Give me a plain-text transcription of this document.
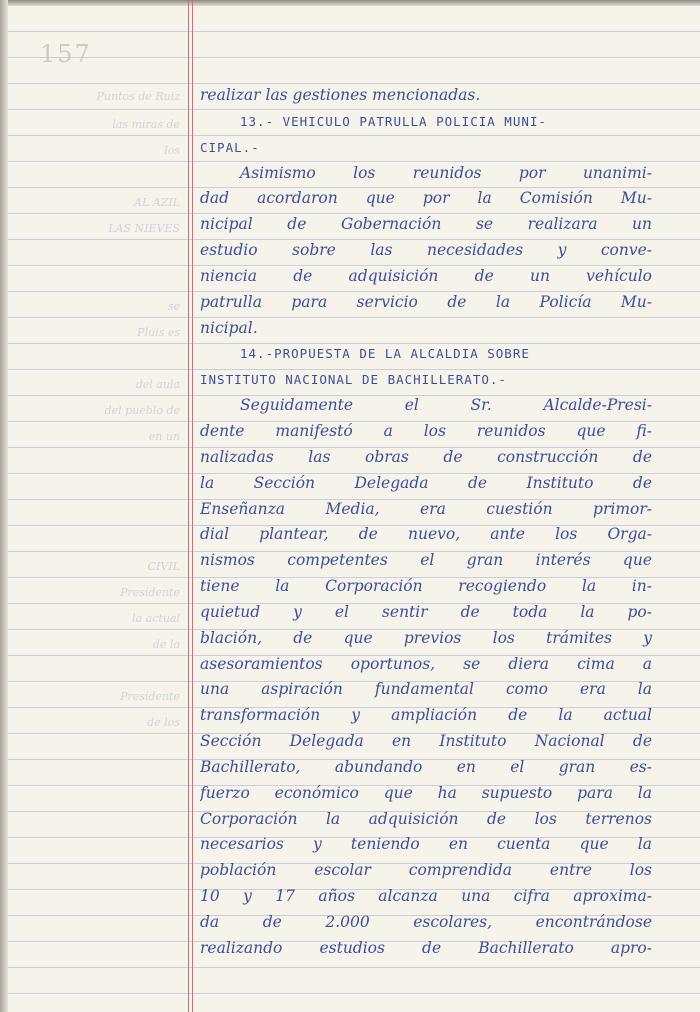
157
Puntos de Ruiz
las miras de
los
AL AZIL
LAS NIEVES
se
Pluis es
del aula
del pueblo de
en un
CIVIL
Presidente
la actual
de la
Presidente
de los
realizar las gestiones mencionadas.
13.- VEHICULO PATRULLA POLICIA MUNI-
CIPAL.-
Asimismo los reunidos por unanimi-
dad acordaron que por la Comisión Mu-
nicipal de Gobernación se realizara un
estudio sobre las necesidades y conve-
niencia de adquisición de un vehículo
patrulla para servicio de la Policía Mu-
nicipal.
14.-PROPUESTA DE LA ALCALDIA SOBRE
INSTITUTO NACIONAL DE BACHILLERATO.-
Seguidamente el Sr. Alcalde-Presi-
dente manifestó a los reunidos que fi-
nalizadas las obras de construcción de
la Sección Delegada de Instituto de
Enseñanza Media, era cuestión primor-
dial plantear, de nuevo, ante los Orga-
nismos competentes el gran interés que
tiene la Corporación recogiendo la in-
quietud y el sentir de toda la po-
blación, de que previos los trámites y
asesoramientos oportunos, se diera cima a
una aspiración fundamental como era la
transformación y ampliación de la actual
Sección Delegada en Instituto Nacional de
Bachillerato, abundando en el gran es-
fuerzo económico que ha supuesto para la
Corporación la adquisición de los terrenos
necesarios y teniendo en cuenta que la
población escolar comprendida entre los
10 y 17 años alcanza una cifra aproxima-
da de 2.000 escolares, encontrándose
realizando estudios de Bachillerato apro-
